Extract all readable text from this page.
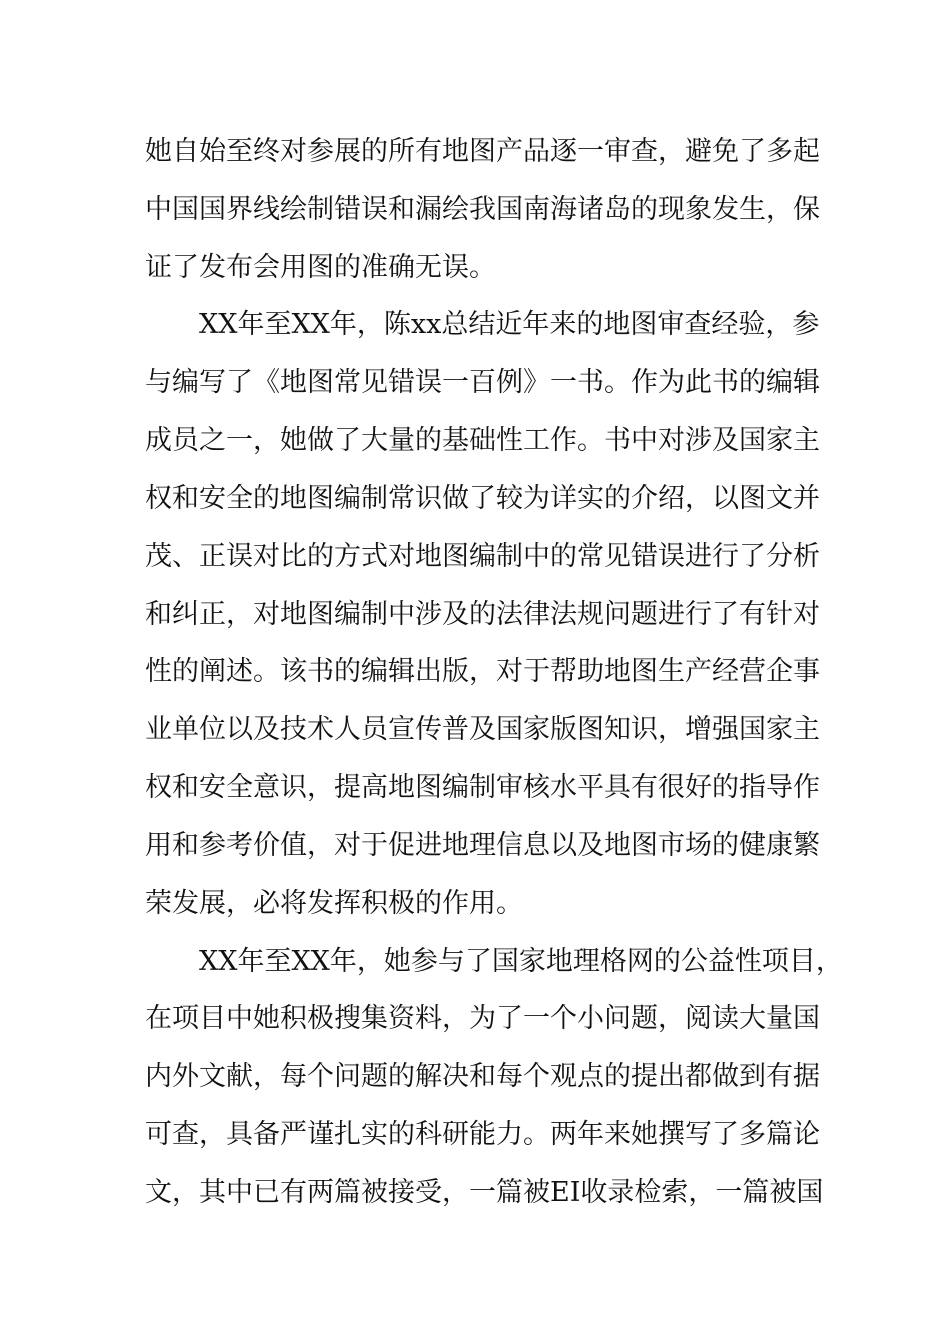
她自始至终对参展的所有地图产品逐一审查，避免了多起
中国国界线绘制错误和漏绘我国南海诸岛的现象发生，保
证了发布会用图的准确无误。
XX年至XX年，陈xx总结近年来的地图审查经验，参
与编写了《地图常见错误一百例》一书。作为此书的编辑
成员之一，她做了大量的基础性工作。书中对涉及国家主
权和安全的地图编制常识做了较为详实的介绍，以图文并
茂、正误对比的方式对地图编制中的常见错误进行了分析
和纠正，对地图编制中涉及的法律法规问题进行了有针对
性的阐述。该书的编辑出版，对于帮助地图生产经营企事
业单位以及技术人员宣传普及国家版图知识，增强国家主
权和安全意识，提高地图编制审核水平具有很好的指导作
用和参考价值，对于促进地理信息以及地图市场的健康繁
荣发展，必将发挥积极的作用。
XX年至XX年，她参与了国家地理格网的公益性项目，
在项目中她积极搜集资料，为了一个小问题，阅读大量国
内外文献，每个问题的解决和每个观点的提出都做到有据
可查，具备严谨扎实的科研能力。两年来她撰写了多篇论
文，其中已有两篇被接受，一篇被EI收录检索，一篇被国
